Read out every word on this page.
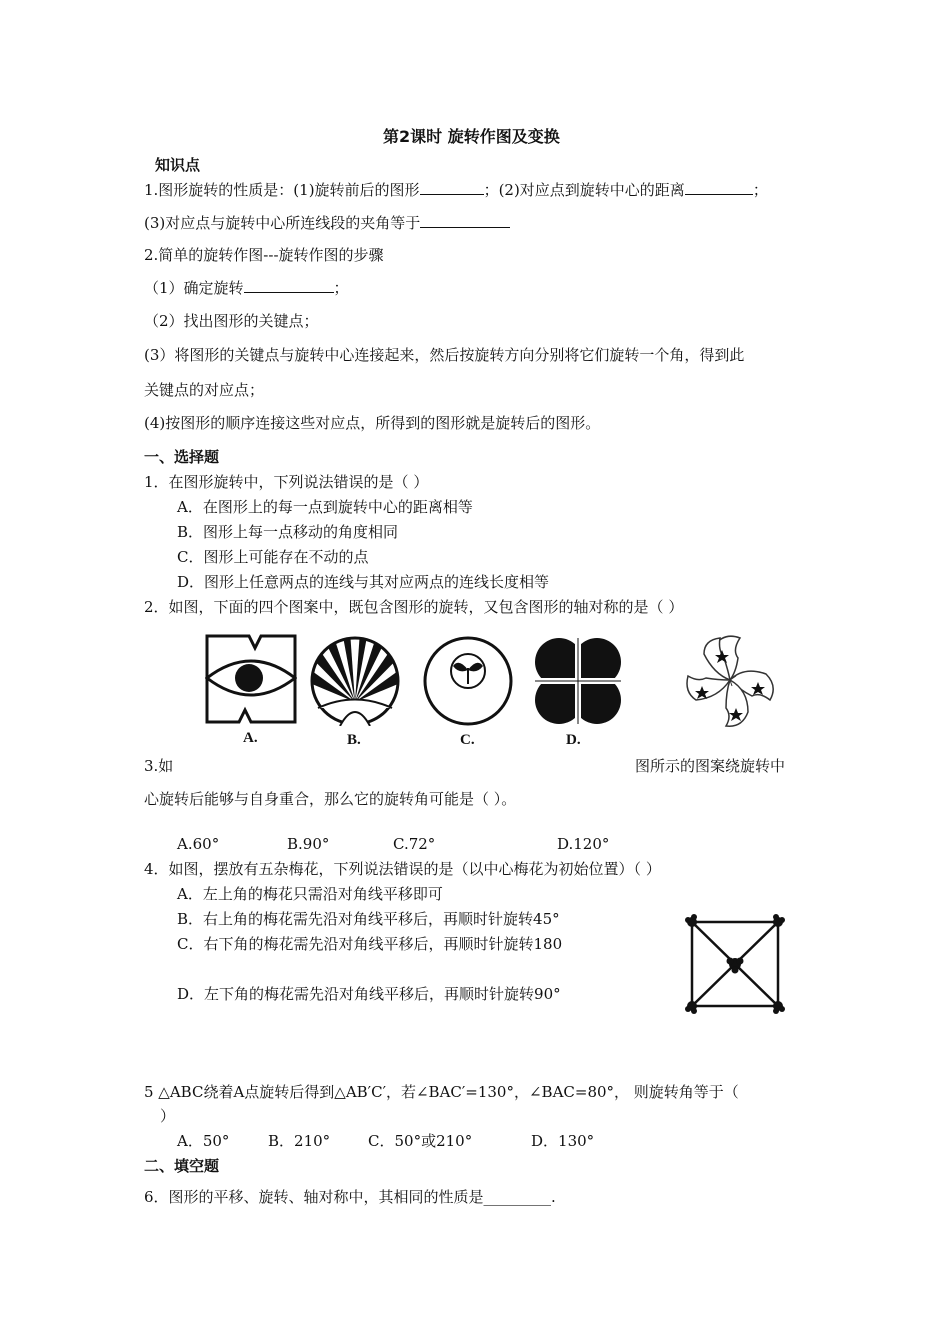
第2课时 旋转作图及变换
知识点
1.图形旋转的性质是：(1)旋转前后的图形	；(2)对应点到旋转中心的距离	；
(3)对应点与旋转中心所连线段的夹角等于
2.简单的旋转作图---旋转作图的步骤
（1）确定旋转	；
（2）找出图形的关键点；
(3）将图形的关键点与旋转中心连接起来，然后按旋转方向分别将它们旋转一个角，得到此
关键点的对应点；
(4)按图形的顺序连接这些对应点，所得到的图形就是旋转后的图形。
一、选择题
1．在图形旋转中，下列说法错误的是（ ）
A．在图形上的每一点到旋转中心的距离相等
B．图形上每一点移动的角度相同
C．图形上可能存在不动的点
D．图形上任意两点的连线与其对应两点的连线长度相等
2．如图，下面的四个图案中，既包含图形的旋转，又包含图形的轴对称的是（ ）
A.	B.	C.	D.
3.如	图所示的图案绕旋转中
心旋转后能够与自身重合，那么它的旋转角可能是（ ）。
A.60°	B.90°	C.72°	D.120°
4．如图，摆放有五杂梅花，下列说法错误的是（以中心梅花为初始位置）（ ）
A．左上角的梅花只需沿对角线平移即可
B．右上角的梅花需先沿对角线平移后，再顺时针旋转45°
C．右下角的梅花需先沿对角线平移后，再顺时针旋转180
D．左下角的梅花需先沿对角线平移后，再顺时针旋转90°
5 △ABC绕着A点旋转后得到△AB′C′，若∠BAC′=130°，∠BAC=80°， 则旋转角等于（
）
A．50°	B．210°	C．50°或210°	D．130°
二、填空题
6．图形的平移、旋转、轴对称中，其相同的性质是_________.
